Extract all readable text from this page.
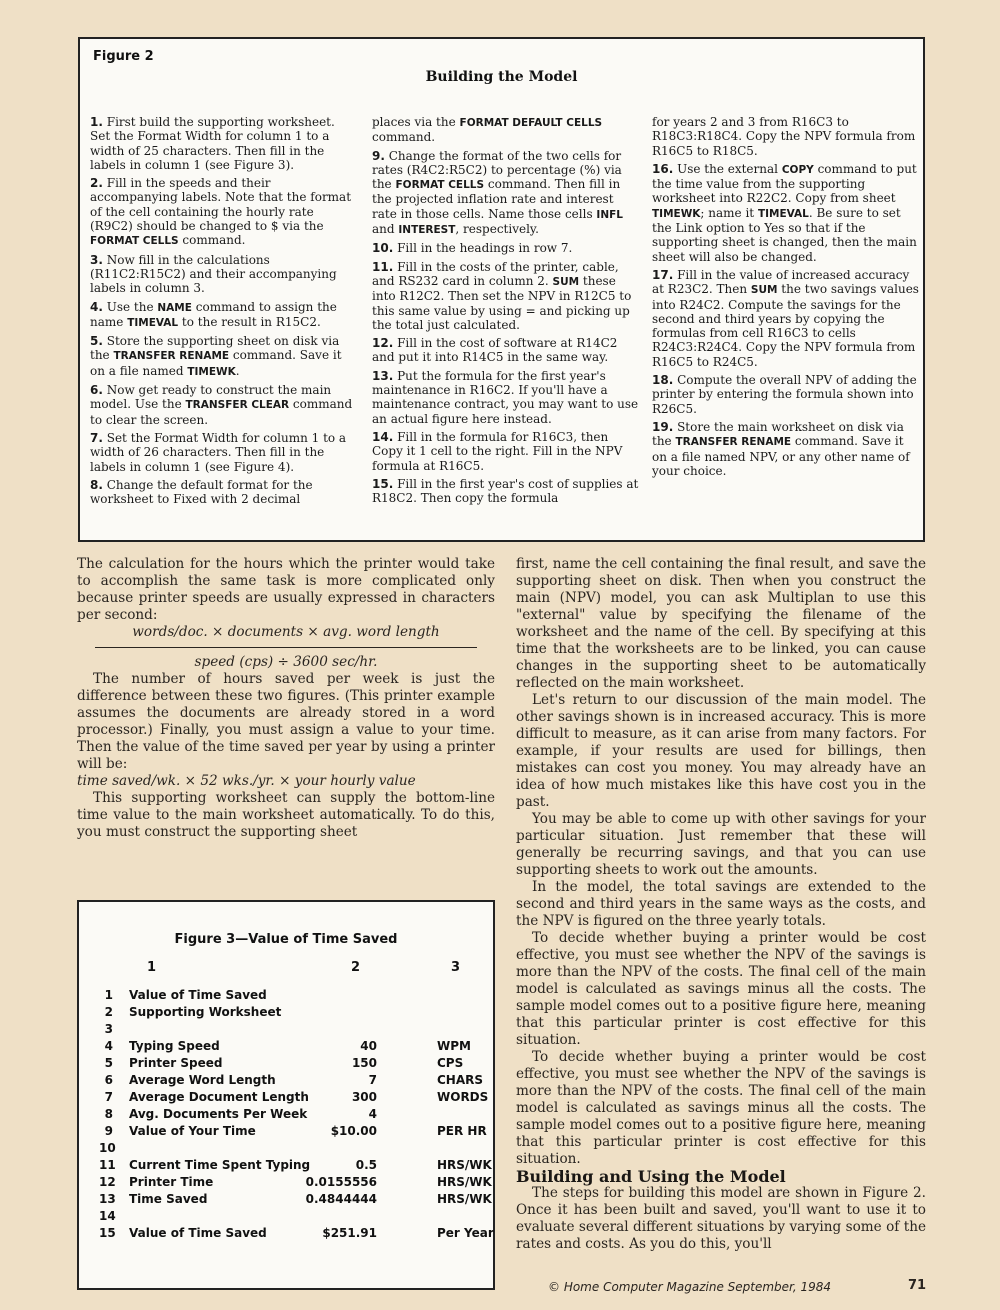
Figure 2
Building the Model

1. First build the supporting worksheet. Set the Format Width for column 1 to a width of 25 characters. Then fill in the labels in column 1 (see Figure 3).

2. Fill in the speeds and their accompanying labels. Note that the format of the cell containing the hourly rate (R9C2) should be changed to $ via the FORMAT CELLS command.

3. Now fill in the calculations (R11C2:R15C2) and their accompanying labels in column 3.

4. Use the NAME command to assign the name TIMEVAL to the result in R15C2.

5. Store the supporting sheet on disk via the TRANSFER RENAME command. Save it on a file named TIMEWK.

6. Now get ready to construct the main model. Use the TRANSFER CLEAR command to clear the screen.

7. Set the Format Width for column 1 to a width of 26 characters. Then fill in the labels in column 1 (see Figure 4).

8. Change the default format for the worksheet to Fixed with 2 decimal

places via the FORMAT DEFAULT CELLS command.

9. Change the format of the two cells for rates (R4C2:R5C2) to percentage (%) via the FORMAT CELLS command. Then fill in the projected inflation rate and interest rate in those cells. Name those cells INFL and INTEREST, respectively.

10. Fill in the headings in row 7.

11. Fill in the costs of the printer, cable, and RS232 card in column 2. SUM these into R12C2. Then set the NPV in R12C5 to this same value by using = and picking up the total just calculated.

12. Fill in the cost of software at R14C2 and put it into R14C5 in the same way.

13. Put the formula for the first year's maintenance in R16C2. If you'll have a maintenance contract, you may want to use an actual figure here instead.

14. Fill in the formula for R16C3, then Copy it 1 cell to the right. Fill in the NPV formula at R16C5.

15. Fill in the first year's cost of supplies at R18C2. Then copy the formula

for years 2 and 3 from R16C3 to R18C3:R18C4. Copy the NPV formula from R16C5 to R18C5.

16. Use the external COPY command to put the time value from the supporting worksheet into R22C2. Copy from sheet TIMEWK; name it TIMEVAL. Be sure to set the Link option to Yes so that if the supporting sheet is changed, then the main sheet will also be changed.

17. Fill in the value of increased accuracy at R23C2. Then SUM the two savings values into R24C2. Compute the savings for the second and third years by copying the formulas from cell R16C3 to cells R24C3:R24C4. Copy the NPV formula from R16C5 to R24C5.

18. Compute the overall NPV of adding the printer by entering the formula shown into R26C5.

19. Store the main worksheet on disk via the TRANSFER RENAME command. Save it on a file named NPV, or any other name of your choice.

The calculation for the hours which the printer would take to accomplish the same task is more complicated only because printer speeds are usually expressed in characters per second:

words/doc. × documents × avg. word length

speed (cps) ÷ 3600 sec/hr.

The number of hours saved per week is just the difference between these two figures. (This printer example assumes the documents are already stored in a word processor.) Finally, you must assign a value to your time. Then the value of the time saved per year by using a printer will be:

time saved/wk. × 52 wks./yr. × your hourly value

This supporting worksheet can supply the bottom-line time value to the main worksheet automatically. To do this, you must construct the supporting sheet

first, name the cell containing the final result, and save the supporting sheet on disk. Then when you construct the main (NPV) model, you can ask Multiplan to use this "external" value by specifying the filename of the worksheet and the name of the cell. By specifying at this time that the worksheets are to be linked, you can cause changes in the supporting sheet to be automatically reflected on the main worksheet.

Let's return to our discussion of the main model. The other savings shown is in increased accuracy. This is more difficult to measure, as it can arise from many factors. For example, if your results are used for billings, then mistakes can cost you money. You may already have an idea of how much mistakes like this have cost you in the past.

You may be able to come up with other savings for your particular situation. Just remember that these will generally be recurring savings, and that you can use supporting sheets to work out the amounts.

In the model, the total savings are extended to the second and third years in the same ways as the costs, and the NPV is figured on the three yearly totals.

To decide whether buying a printer would be cost effective, you must see whether the NPV of the savings is more than the NPV of the costs. The final cell of the main model is calculated as savings minus all the costs. The sample model comes out to a positive figure here, meaning that this particular printer is cost effective for this situation.

To decide whether buying a printer would be cost effective, you must see whether the NPV of the savings is more than the NPV of the costs. The final cell of the main model is calculated as savings minus all the costs. The sample model comes out to a positive figure here, meaning that this particular printer is cost effective for this situation.

Building and Using the Model

The steps for building this model are shown in Figure 2. Once it has been built and saved, you'll want to use it to evaluate several different situations by varying some of the rates and costs. As you do this, you'll

Figure 3—Value of Time Saved
1	2	3
1 Value of Time Saved
2 Supporting Worksheet
3
4 Typing Speed	40	WPM
5 Printer Speed	150	CPS
6 Average Word Length	7	CHARS
7 Average Document Length	300	WORDS
8 Avg. Documents Per Week	4
9 Value of Your Time	$10.00	PER HR
10
11 Current Time Spent Typing	0.5	HRS/WK
12 Printer Time	0.0155556	HRS/WK
13 Time Saved	0.4844444	HRS/WK
14
15 Value of Time Saved	$251.91	Per Year
© Home Computer Magazine September, 1984	71
